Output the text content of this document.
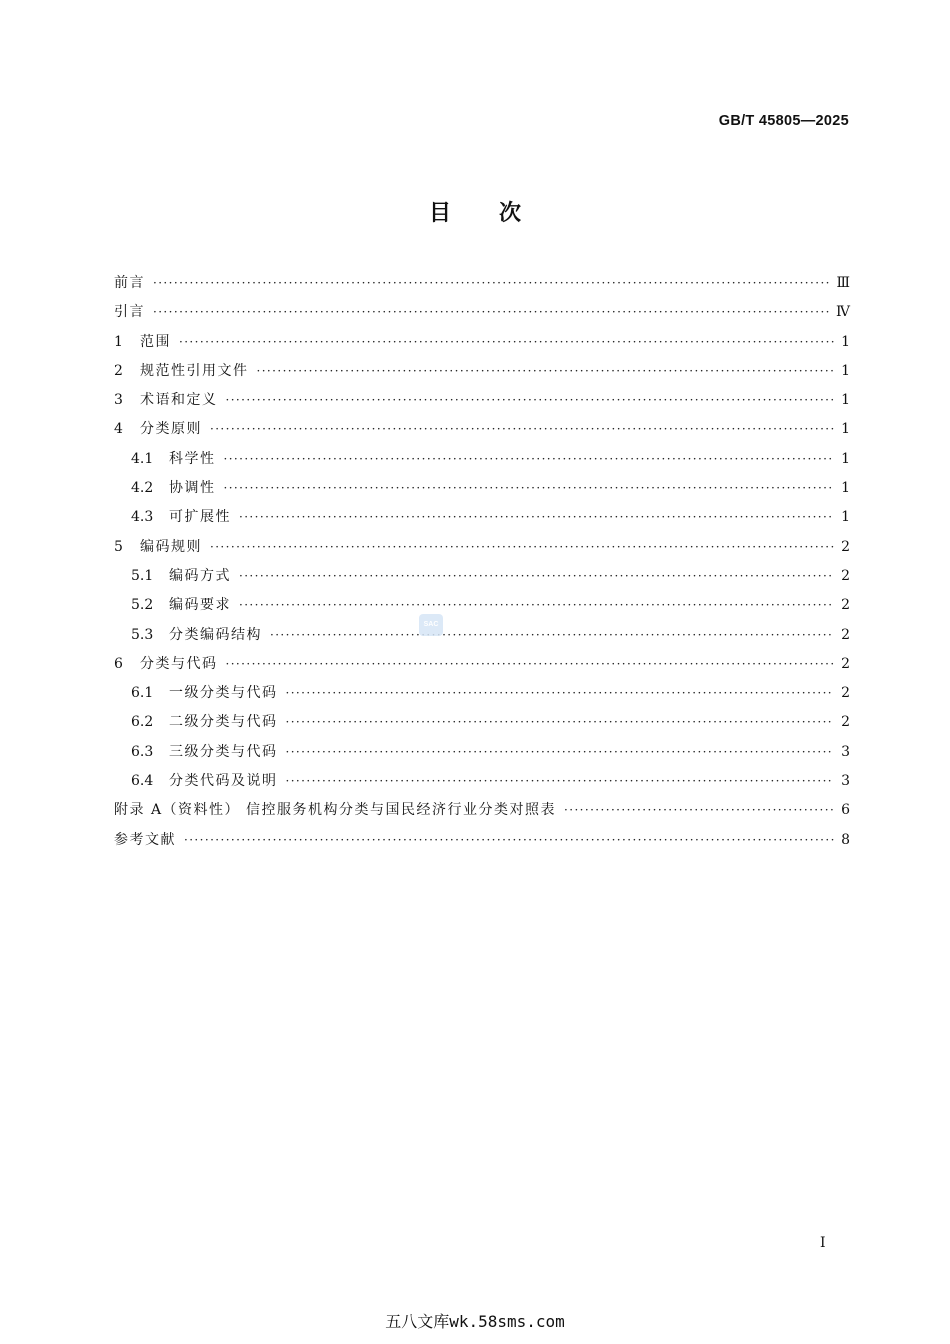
GB/T 45805—2025
目 次
前言 ·····	Ⅲ
引言 ·····	Ⅳ
1	范围 ·····	1
2	规范性引用文件 ·····	1
3	术语和定义 ·····	1
4	分类原则 ·····	1
4.1	科学性 ·····	1
4.2	协调性 ·····	1
4.3	可扩展性 ·····	1
5	编码规则 ·····	2
5.1	编码方式 ·····	2
5.2	编码要求 ·····	2
5.3	分类编码结构 ·····	2
6	分类与代码 ·····	2
6.1	一级分类与代码 ·····	2
6.2	二级分类与代码 ·····	2
6.3	三级分类与代码 ·····	3
6.4	分类代码及说明 ·····	3
附录 A（资料性） 信控服务机构分类与国民经济行业分类对照表 ·····	6
参考文献 ·····	8
SAC
Ⅰ
五八文库wk.58sms.com
